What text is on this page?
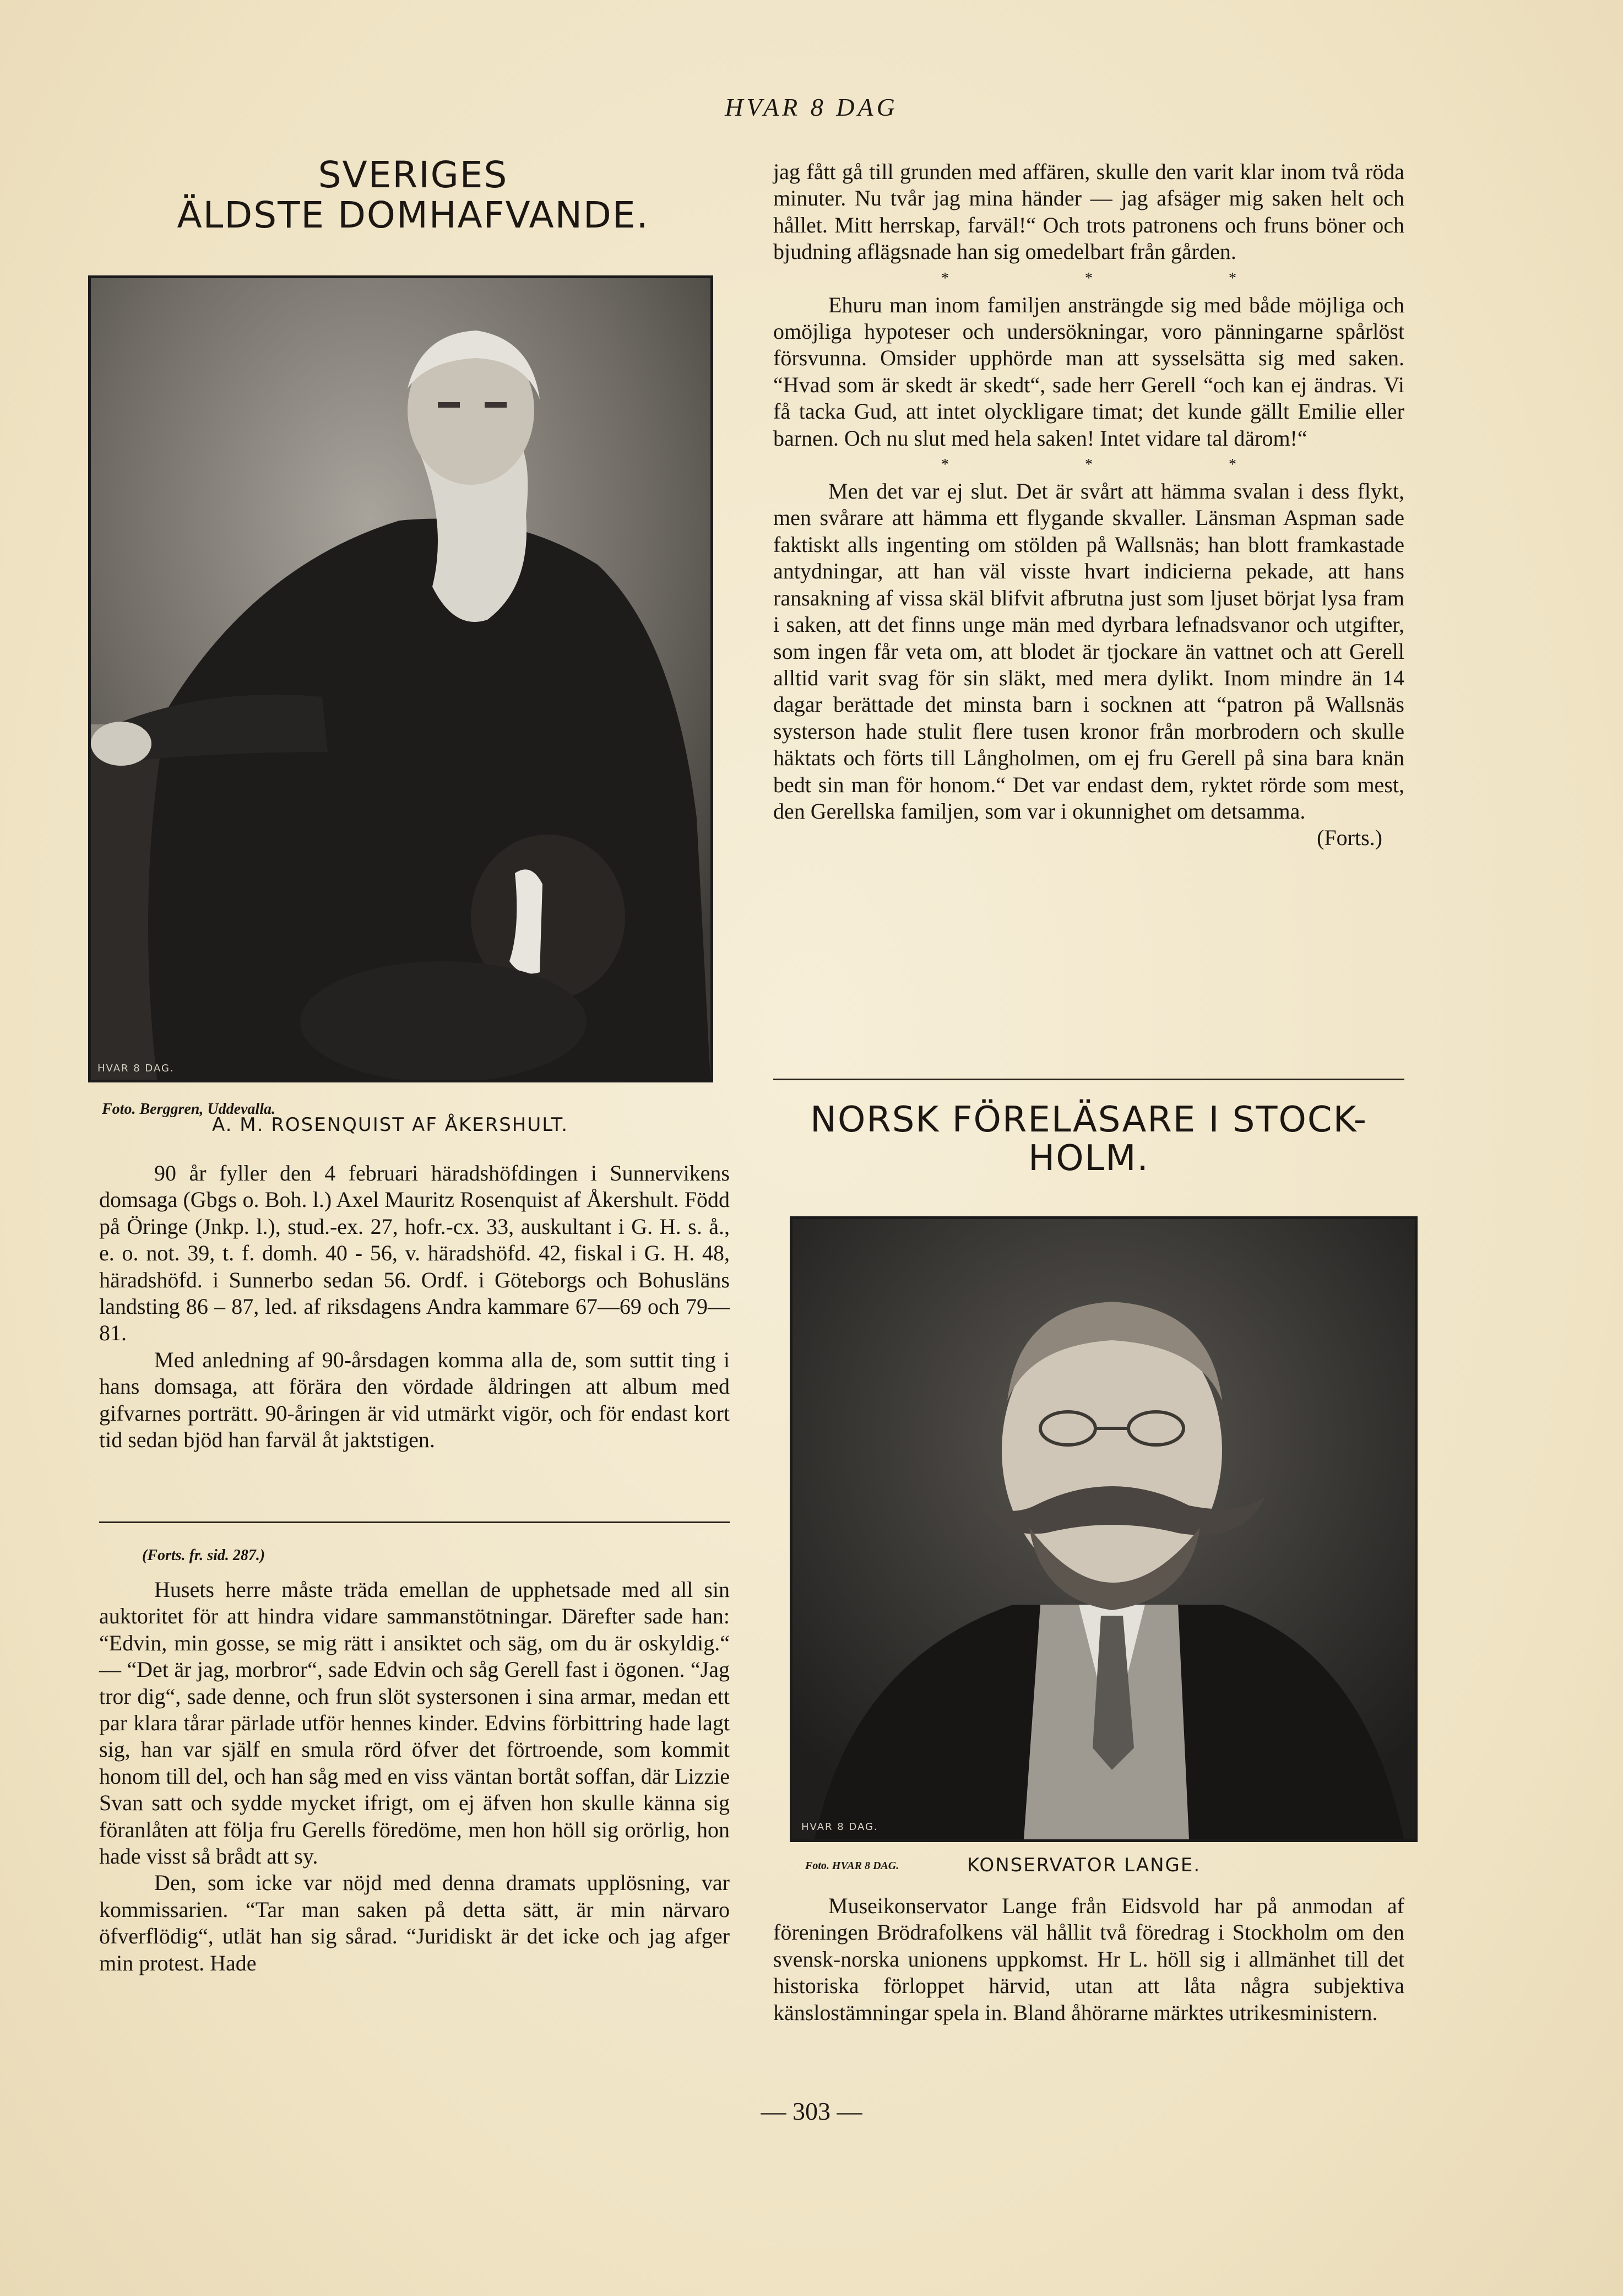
HVAR 8 DAG
SVERIGES
ÄLDSTE DOMHAFVANDE.
HVAR 8 DAG.
Foto. Berggren, Uddevalla.
A. M. ROSENQUIST AF ÅKERSHULT.

90 år fyller den 4 februari häradshöfdingen i Sunnervikens domsaga (Gbgs o. Boh. l.) Axel Mauritz Rosenquist af Åkershult. Född på Öringe (Jnkp. l.), stud.-ex. 27, hofr.-cx. 33, auskultant i G. H. s. å., e. o. not. 39, t. f. domh. 40 - 56, v. häradshöfd. 42, fiskal i G. H. 48, häradshöfd. i Sunnerbo sedan 56. Ordf. i Göteborgs och Bohusläns landsting 86 – 87, led. af riksdagens Andra kammare 67—69 och 79—81.

Med anledning af 90-årsdagen komma alla de, som suttit ting i hans domsaga, att förära den vördade åldringen att album med gifvarnes porträtt. 90-åringen är vid utmärkt vigör, och för endast kort tid sedan bjöd han farväl åt jaktstigen.

(Forts. fr. sid. 287.)

Husets herre måste träda emellan de upphetsade med all sin auktoritet för att hindra vidare sammanstötningar. Därefter sade han: “Edvin, min gosse, se mig rätt i ansiktet och säg, om du är oskyldig.“ — “Det är jag, morbror“, sade Edvin och såg Gerell fast i ögonen. “Jag tror dig“, sade denne, och frun slöt systersonen i sina armar, medan ett par klara tårar pärlade utför hennes kinder. Edvins förbittring hade lagt sig, han var själf en smula rörd öfver det förtroende, som kommit honom till del, och han såg med en viss väntan bortåt soffan, där Lizzie Svan satt och sydde mycket ifrigt, om ej äfven hon skulle känna sig föranlåten att följa fru Gerells föredöme, men hon höll sig orörlig, hon hade visst så brådt att sy.

Den, som icke var nöjd med denna dramats upplösning, var kommissarien. “Tar man saken på detta sätt, är min närvaro öfverflödig“, utlät han sig sårad. “Juridiskt är det icke och jag afger min protest. Hade

jag fått gå till grunden med affären, skulle den varit klar inom två röda minuter. Nu tvår jag mina händer — jag afsäger mig saken helt och hållet. Mitt herrskap, farväl!“ Och trots patronens och fruns böner och bjudning aflägsnade han sig omedelbart från gården.

* * *

Ehuru man inom familjen ansträngde sig med både möjliga och omöjliga hypoteser och undersökningar, voro pänningarne spårlöst försvunna. Omsider upphörde man att sysselsätta sig med saken. “Hvad som är skedt är skedt“, sade herr Gerell “och kan ej ändras. Vi få tacka Gud, att intet olyckligare timat; det kunde gällt Emilie eller barnen. Och nu slut med hela saken! Intet vidare tal därom!“

* * *

Men det var ej slut. Det är svårt att hämma svalan i dess flykt, men svårare att hämma ett flygande skvaller. Länsman Aspman sade faktiskt alls ingenting om stölden på Wallsnäs; han blott framkastade antydningar, att han väl visste hvart indicierna pekade, att hans ransakning af vissa skäl blifvit afbrutna just som ljuset börjat lysa fram i saken, att det finns unge män med dyrbara lefnadsvanor och utgifter, som ingen får veta om, att blodet är tjockare än vattnet och att Gerell alltid varit svag för sin släkt, med mera dylikt. Inom mindre än 14 dagar berättade det minsta barn i socknen att “patron på Wallsnäs systerson hade stulit flere tusen kronor från morbrodern och skulle häktats och förts till Långholmen, om ej fru Gerell på sina bara knän bedt sin man för honom.“ Det var endast dem, ryktet rörde som mest, den Gerellska familjen, som var i okunnighet om detsamma.

(Forts.)
NORSK FÖRELÄSARE I STOCK-
HOLM.
HVAR 8 DAG.
Foto. HVAR 8 DAG.	KONSERVATOR LANGE.

Museikonservator Lange från Eidsvold har på anmodan af föreningen Brödrafolkens väl hållit två föredrag i Stockholm om den svensk-norska unionens uppkomst. Hr L. höll sig i allmänhet till det historiska förloppet härvid, utan att låta några subjektiva känslostämningar spela in. Bland åhörarne märktes utrikesministern.

— 303 —
